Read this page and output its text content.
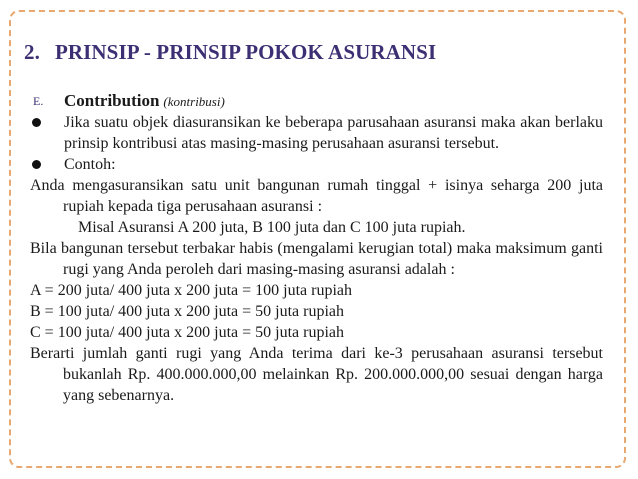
2. PRINSIP - PRINSIP POKOK ASURANSI
E. Contribution (kontribusi)
Jika suatu objek diasuransikan ke beberapa parusahaan asuransi maka akan berlaku prinsip kontribusi atas masing-masing perusahaan asuransi tersebut.
Contoh:
Anda mengasuransikan satu unit bangunan rumah tinggal + isinya seharga 200 juta rupiah kepada tiga perusahaan asuransi :
Misal Asuransi A 200 juta, B 100 juta dan C 100 juta rupiah.
Bila bangunan tersebut terbakar habis (mengalami kerugian total) maka maksimum ganti rugi yang Anda peroleh dari masing-masing asuransi adalah :
A = 200 juta/ 400 juta x 200 juta = 100 juta rupiah
B = 100 juta/ 400 juta x 200 juta = 50 juta rupiah
C = 100 juta/ 400 juta x 200 juta = 50 juta rupiah
Berarti jumlah ganti rugi yang Anda terima dari ke-3 perusahaan asuransi tersebut bukanlah Rp. 400.000.000,00 melainkan Rp. 200.000.000,00 sesuai dengan harga yang sebenarnya.
